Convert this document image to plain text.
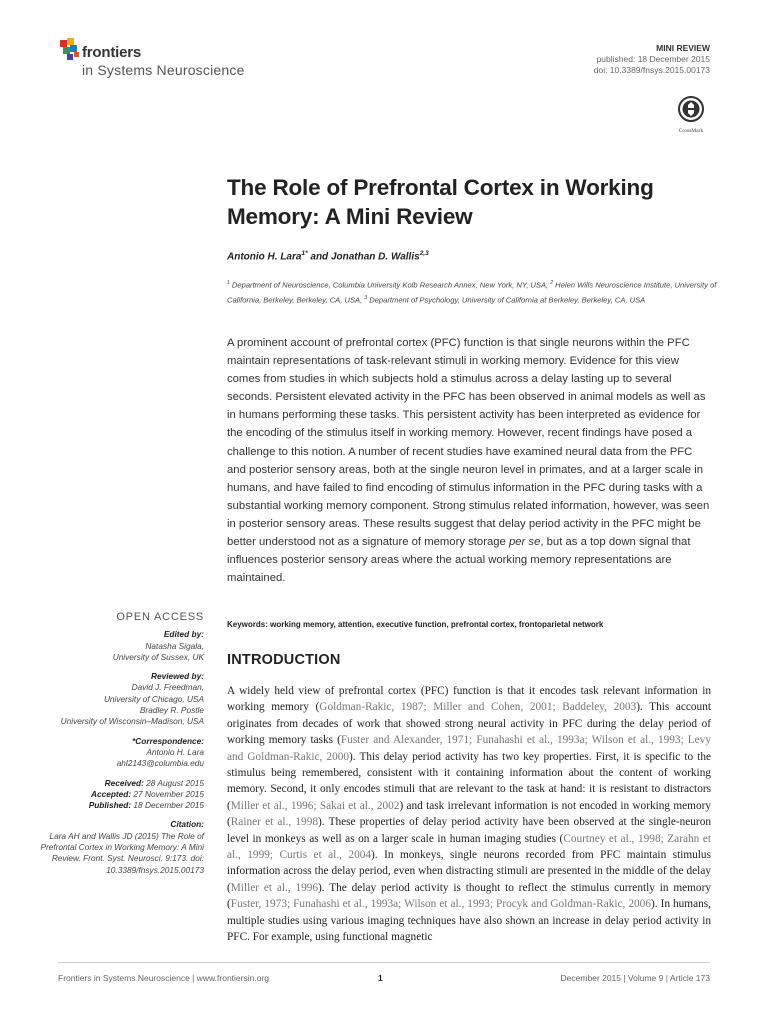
frontiers
in Systems Neuroscience
MINI REVIEW
published: 18 December 2015
doi: 10.3389/fnsys.2015.00173
CrossMark
The Role of Prefrontal Cortex in Working Memory: A Mini Review
Antonio H. Lara$^{1*}$ and Jonathan D. Wallis$^{2,3}$
$^1$ Department of Neuroscience, Columbia University Kolb Research Annex, New York, NY, USA, $^2$ Helen Wills Neuroscience Institute, University of California, Berkeley, Berkeley, CA, USA, $^3$ Department of Psychology, University of California at Berkeley, Berkeley, CA, USA
A prominent account of prefrontal cortex (PFC) function is that single neurons within the PFC maintain representations of task-relevant stimuli in working memory. Evidence for this view comes from studies in which subjects hold a stimulus across a delay lasting up to several seconds. Persistent elevated activity in the PFC has been observed in animal models as well as in humans performing these tasks. This persistent activity has been interpreted as evidence for the encoding of the stimulus itself in working memory. However, recent findings have posed a challenge to this notion. A number of recent studies have examined neural data from the PFC and posterior sensory areas, both at the single neuron level in primates, and at a larger scale in humans, and have failed to find encoding of stimulus information in the PFC during tasks with a substantial working memory component. Strong stimulus related information, however, was seen in posterior sensory areas. These results suggest that delay period activity in the PFC might be better understood not as a signature of memory storage per se, but as a top down signal that influences posterior sensory areas where the actual working memory representations are maintained.
Keywords: working memory, attention, executive function, prefrontal cortex, frontoparietal network
OPEN ACCESS
Edited by:
Natasha Sigala,
University of Sussex, UK
Reviewed by:
David J. Freedman,
University of Chicago, USA
Bradley R. Postle
University of Wisconsin–Madison, USA
*Correspondence:
Antonio H. Lara
ahl2143@columbia.edu
Received: 28 August 2015
Accepted: 27 November 2015
Published: 18 December 2015
Citation:
Lara AH and Wallis JD (2015) The Role of Prefrontal Cortex in Working Memory: A Mini Review. Front. Syst. Neurosci. 9:173. doi: 10.3389/fnsys.2015.00173
INTRODUCTION
A widely held view of prefrontal cortex (PFC) function is that it encodes task relevant information in working memory (Goldman-Rakic, 1987; Miller and Cohen, 2001; Baddeley, 2003). This account originates from decades of work that showed strong neural activity in PFC during the delay period of working memory tasks (Fuster and Alexander, 1971; Funahashi et al., 1993a; Wilson et al., 1993; Levy and Goldman-Rakic, 2000). This delay period activity has two key properties. First, it is specific to the stimulus being remembered, consistent with it containing information about the content of working memory. Second, it only encodes stimuli that are relevant to the task at hand: it is resistant to distractors (Miller et al., 1996; Sakai et al., 2002) and task irrelevant information is not encoded in working memory (Rainer et al., 1998). These properties of delay period activity have been observed at the single-neuron level in monkeys as well as on a larger scale in human imaging studies (Courtney et al., 1998; Zarahn et al., 1999; Curtis et al., 2004). In monkeys, single neurons recorded from PFC maintain stimulus information across the delay period, even when distracting stimuli are presented in the middle of the delay (Miller et al., 1996). The delay period activity is thought to reflect the stimulus currently in memory (Fuster, 1973; Funahashi et al., 1993a; Wilson et al., 1993; Procyk and Goldman-Rakic, 2006). In humans, multiple studies using various imaging techniques have also shown an increase in delay period activity in PFC. For example, using functional magnetic
Frontiers in Systems Neuroscience | www.frontiersin.org	1	December 2015 | Volume 9 | Article 173
